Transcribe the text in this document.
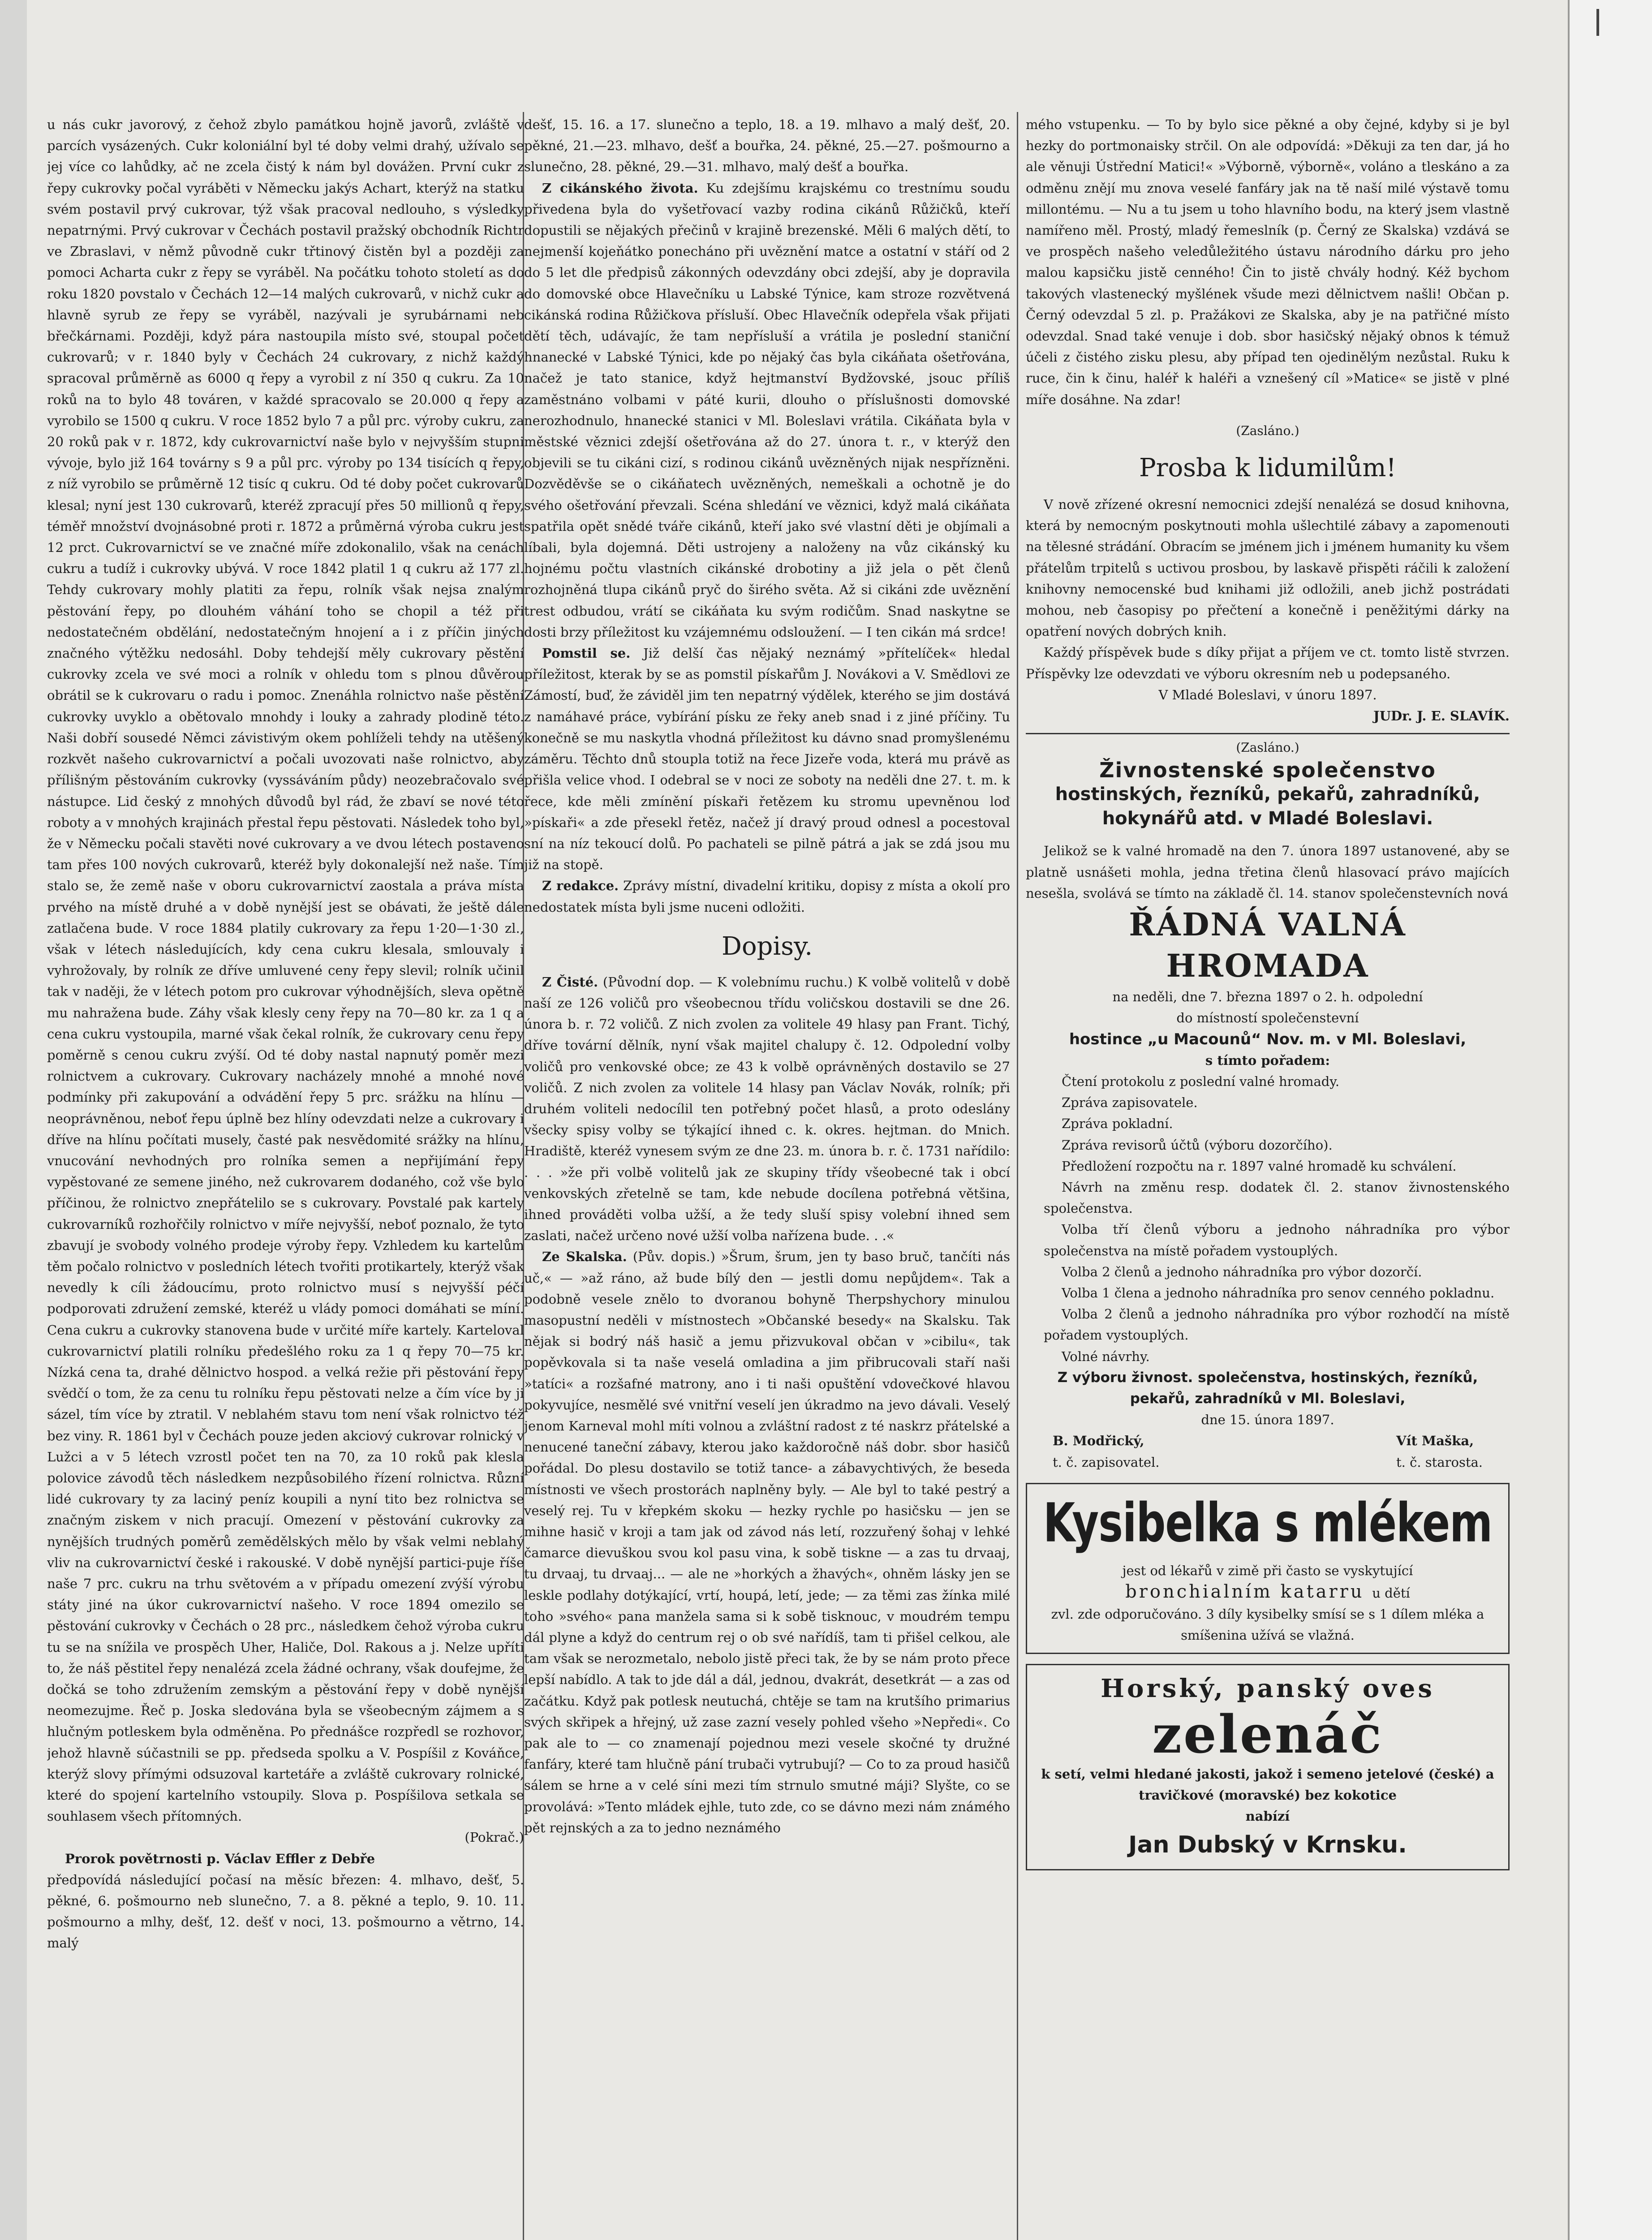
u nás cukr javorový, z čehož zbylo památkou hojně javorů, zvláště v parcích vysázených. Cukr koloniální byl té doby velmi drahý, užívalo se jej více co lahůdky, ač ne zcela čistý k nám byl dovážen. První cukr z řepy cukrovky počal vyráběti v Německu jakýs Achart, kterýž na statku svém postavil prvý cukrovar, týž však pracoval nedlouho, s výsledky nepatrnými. Prvý cukrovar v Čechách postavil pražský obchodník Richtr ve Zbraslavi, v němž původně cukr třtinový čistěn byl a později za pomoci Acharta cukr z řepy se vyráběl. Na počátku tohoto století as do roku 1820 povstalo v Čechách 12—14 malých cukrovarů, v nichž cukr a hlavně syrub ze řepy se vyráběl, nazývali je syrubárnami neb břečkárnami. Později, když pára nastoupila místo své, stoupal počet cukrovarů; v r. 1840 byly v Čechách 24 cukrovary, z nichž každý spracoval průměrně as 6000 q řepy a vyrobil z ní 350 q cukru. Za 10 roků na to bylo 48 továren, v každé spracovalo se 20.000 q řepy a vyrobilo se 1500 q cukru. V roce 1852 bylo 7 a půl prc. výroby cukru, za 20 roků pak v r. 1872, kdy cukrovarnictví naše bylo v nejvyšším stupni vývoje, bylo již 164 továrny s 9 a půl prc. výroby po 134 tisících q řepy, z níž vyrobilo se průměrně 12 tisíc q cukru. Od té doby počet cukrovarů klesal; nyní jest 130 cukrovarů, kteréž zpracují přes 50 millionů q řepy, téměř množství dvojnásobné proti r. 1872 a průměrná výroba cukru jest 12 prct. Cukrovarnictví se ve značné míře zdokonalilo, však na cenách cukru a tudíž i cukrovky ubývá. V roce 1842 platil 1 q cukru až 177 zl. Tehdy cukrovary mohly platiti za řepu, rolník však nejsa znalým pěstování řepy, po dlouhém váhání toho se chopil a též při nedostatečném obdělání, nedostatečným hnojení a i z příčin jiných značného výtěžku nedosáhl. Doby tehdejší měly cukrovary pěstění cukrovky zcela ve své moci a rolník v ohledu tom s plnou důvěrou obrátil se k cukrovaru o radu i pomoc. Znenáhla rolnictvo naše pěstění cukrovky uvyklo a obětovalo mnohdy i louky a zahrady plodině této. Naši dobří sousedé Němci závistivým okem pohlíželi tehdy na utěšený rozkvět našeho cukrovarnictví a počali uvozovati naše rolnictvo, aby přílišným pěstováním cukrovky (vyssáváním půdy) neozebračovalo své nástupce. Lid český z mnohých důvodů byl rád, že zbaví se nové této roboty a v mnohých krajinách přestal řepu pěstovati. Následek toho byl, že v Německu počali stavěti nové cukrovary a ve dvou létech postaveno tam přes 100 nových cukrovarů, kteréž byly dokonalejší než naše. Tím stalo se, že země naše v oboru cukrovarnictví zaostala a práva místa prvého na místě druhé a v době nynější jest se obávati, že ještě dále zatlačena bude. V roce 1884 platily cukrovary za řepu 1·20—1·30 zl., však v létech následujících, kdy cena cukru klesala, smlouvaly i vyhrožovaly, by rolník ze dříve umluvené ceny řepy slevil; rolník učinil tak v naději, že v létech potom pro cukrovar výhodnějších, sleva opětně mu nahražena bude. Záhy však klesly ceny řepy na 70—80 kr. za 1 q a cena cukru vystoupila, marné však čekal rolník, že cukrovary cenu řepy poměrně s cenou cukru zvýší. Od té doby nastal napnutý poměr mezi rolnictvem a cukrovary. Cukrovary nacházely mnohé a mnohé nové podmínky při zakupování a odvádění řepy 5 prc. srážku na hlínu — neoprávněnou, neboť řepu úplně bez hlíny odevzdati nelze a cukrovary i dříve na hlínu počítati musely, časté pak nesvědomité srážky na hlínu, vnucování nevhodných pro rolníka semen a nepřijímání řepy vypěstované ze semene jiného, než cukrovarem dodaného, což vše bylo příčinou, že rolnictvo znepřátelilo se s cukrovary. Povstalé pak kartely cukrovarníků rozhořčily rolnictvo v míře nejvyšší, neboť poznalo, že tyto zbavují je svobody volného prodeje výroby řepy. Vzhledem ku kartelům těm počalo rolnictvo v posledních létech tvořiti protikartely, kterýž však nevedly k cíli žádoucímu, proto rolnictvo musí s nejvyšší péčí podporovati združení zemské, kteréž u vlády pomoci domáhati se míní. Cena cukru a cukrovky stanovena bude v určité míře kartely. Karteloval cukrovarnictví platili rolníku předešlého roku za 1 q řepy 70—75 kr. Nízká cena ta, drahé dělnictvo hospod. a velká režie při pěstování řepy svědčí o tom, že za cenu tu rolníku řepu pěstovati nelze a čím více by ji sázel, tím více by ztratil. V neblahém stavu tom není však rolnictvo též bez viny. R. 1861 byl v Čechách pouze jeden akciový cukrovar rolnický v Lužci a v 5 létech vzrostl počet ten na 70, za 10 roků pak klesla polovice závodů těch následkem nezpůsobilého řízení rolnictva. Různí lidé cukrovary ty za laciný peníz koupili a nyní tito bez rolnictva se značným ziskem v nich pracují. Omezení v pěstování cukrovky za nynějších trudných poměrů zemědělských mělo by však velmi neblahý vliv na cukrovarnictví české i rakouské. V době nynější partici-puje říše naše 7 prc. cukru na trhu světovém a v případu omezení zvýší výrobu státy jiné na úkor cukrovarnictví našeho. V roce 1894 omezilo se pěstování cukrovky v Čechách o 28 prc., následkem čehož výroba cukru tu se na snížila ve prospěch Uher, Haliče, Dol. Rakous a j. Nelze upříti to, že náš pěstitel řepy nenalézá zcela žádné ochrany, však doufejme, že dočká se toho združením zemským a pěstování řepy v době nynější neomezujme. Řeč p. Joska sledována byla se všeobecným zájmem a s hlučným potleskem byla odměněna. Po přednášce rozpředl se rozhovor, jehož hlavně súčastnili se pp. předseda spolku a V. Pospíšil z Kováňce, kterýž slovy přímými odsuzoval kartetáře a zvláště cukrovary rolnické, které do spojení kartelního vstoupily. Slova p. Pospíšilova setkala se souhlasem všech přítomných.

(Pokrač.)

Prorok povětrnosti p. Václav Effler z Debře

předpovídá následující počasí na měsíc březen: 4. mlhavo, dešť, 5. pěkné, 6. pošmourno neb slunečno, 7. a 8. pěkné a teplo, 9. 10. 11. pošmourno a mlhy, dešť, 12. dešť v noci, 13. pošmourno a větrno, 14. malý

dešť, 15. 16. a 17. slunečno a teplo, 18. a 19. mlhavo a malý dešť, 20. pěkné, 21.—23. mlhavo, dešť a bouřka, 24. pěkné, 25.—27. pošmourno a slunečno, 28. pěkné, 29.—31. mlhavo, malý dešť a bouřka.

Z cikánského života. Ku zdejšímu krajskému co trestnímu soudu přivedena byla do vyšetřovací vazby rodina cikánů Růžičků, kteří dopustili se nějakých přečinů v krajině brezenské. Měli 6 malých dětí, to nejmenší kojeňátko ponecháno při uvěznění matce a ostatní v stáří od 2 do 5 let dle předpisů zákonných odevzdány obci zdejší, aby je dopravila do domovské obce Hlavečníku u Labské Týnice, kam stroze rozvětvená cikánská rodina Růžičkova přísluší. Obec Hlavečník odepřela však přijati dětí těch, udávajíc, že tam nepřísluší a vrátila je poslední staniční hnanecké v Labské Týnici, kde po nějaký čas byla cikáňata ošetřována, načež je tato stanice, když hejtmanství Bydžovské, jsouc příliš zaměstnáno volbami v páté kurii, dlouho o příslušnosti domovské nerozhodnulo, hnanecké stanici v Ml. Boleslavi vrátila. Cikáňata byla v městské věznici zdejší ošetřována až do 27. února t. r., v kterýž den objevili se tu cikáni cizí, s rodinou cikánů uvězněných nijak nespřízněni. Dozvěděvše se o cikáňatech uvězněných, nemeškali a ochotně je do svého ošetřování převzali. Scéna shledání ve věznici, když malá cikáňata spatřila opět snědé tváře cikánů, kteří jako své vlastní děti je objímali a líbali, byla dojemná. Děti ustrojeny a naloženy na vůz cikánský ku hojnému počtu vlastních cikánské drobotiny a již jela o pět členů rozhojněná tlupa cikánů pryč do širého světa. Až si cikáni zde uvěznění trest odbudou, vrátí se cikáňata ku svým rodičům. Snad naskytne se dosti brzy příležitost ku vzájemnému odsloužení. — I ten cikán má srdce!

Pomstil se. Již delší čas nějaký neznámý »přítelíček« hledal příležitost, kterak by se as pomstil pískařům J. Novákovi a V. Smědlovi ze Zámostí, buď, že záviděl jim ten nepatrný výdělek, kterého se jim dostává z namáhavé práce, vybírání písku ze řeky aneb snad i z jiné příčiny. Tu konečně se mu naskytla vhodná příležitost ku dávno snad promyšlenému záměru. Těchto dnů stoupla totiž na řece Jizeře voda, která mu právě as přišla velice vhod. I odebral se v noci ze soboty na neděli dne 27. t. m. k řece, kde měli zmínění pískaři řetězem ku stromu upevněnou loď »pískaři« a zde přesekl řetěz, načež jí dravý proud odnesl a pocestoval sní na níz tekoucí dolů. Po pachateli se pilně pátrá a jak se zdá jsou mu již na stopě.

Z redakce. Zprávy místní, divadelní kritiku, dopisy z místa a okolí pro nedostatek místa byli jsme nuceni odložiti.

Dopisy.

Z Čisté. (Původní dop. — K volebnímu ruchu.) K volbě volitelů v době naší ze 126 voličů pro všeobecnou třídu voličskou dostavili se dne 26. února b. r. 72 voličů. Z nich zvolen za volitele 49 hlasy pan Frant. Tichý, dříve tovární dělník, nyní však majitel chalupy č. 12. Odpolední volby voličů pro venkovské obce; ze 43 k volbě oprávněných dostavilo se 27 voličů. Z nich zvolen za volitele 14 hlasy pan Václav Novák, rolník; při druhém voliteli nedocílil ten potřebný počet hlasů, a proto odeslány všecky spisy volby se týkající ihned c. k. okres. hejtman. do Mnich. Hradiště, kteréž vynesem svým ze dne 23. m. února b. r. č. 1731 nařídilo: . . . »že při volbě volitelů jak ze skupiny třídy všeobecné tak i obcí venkovských zřetelně se tam, kde nebude docílena potřebná většina, ihned prováděti volba užší, a že tedy sluší spisy volební ihned sem zaslati, načež určeno nové užší volba nařízena bude. . .«

Ze Skalska. (Pův. dopis.) »Šrum, šrum, jen ty baso bruč, tančíti nás uč,« — »až ráno, až bude bílý den — jestli domu nepůjdem«. Tak a podobně vesele znělo to dvoranou bohyně Therpshychory minulou masopustní neděli v místnostech »Občanské besedy« na Skalsku. Tak nějak si bodrý náš hasič a jemu přizvukoval občan v »cibilu«, tak popěvkovala si ta naše veselá omladina a jim přibrucovali staří naši »tatíci« a rozšafné matrony, ano i ti naši opuštění vdovečkové hlavou pokyvujíce, nesmělé své vnitřní veselí jen úkradmo na jevo dávali. Veselý jenom Karneval mohl míti volnou a zvláštní radost z té naskrz přátelské a nenucené taneční zábavy, kterou jako každoročně náš dobr. sbor hasičů pořádal. Do plesu dostavilo se totiž tance- a zábavychtivých, že beseda místnosti ve všech prostorách naplněny byly. — Ale byl to také pestrý a veselý rej. Tu v křepkém skoku — hezky rychle po hasičsku — jen se mihne hasič v kroji a tam jak od závod nás letí, rozzuřený šohaj v lehké čamarce dievuškou svou kol pasu vina, k sobě tiskne — a zas tu drvaaj, tu drvaaj, tu drvaaj... — ale ne »horkých a žhavých«, ohněm lásky jen se leskle podlahy dotýkající, vrtí, houpá, letí, jede; — za těmi zas žínka milé toho »svého« pana manžela sama si k sobě tisknouc, v moudrém tempu dál plyne a když do centrum rej o ob své nařídíš, tam ti přišel celkou, ale tam však se nerozmetalo, nebolo jistě přeci tak, že by se nám proto přece lepší nabídlo. A tak to jde dál a dál, jednou, dvakrát, desetkrát — a zas od začátku. Když pak potlesk neutuchá, chtěje se tam na krutšího primarius svých skřipek a hřejný, už zase zazní vesely pohled všeho »Nepředi«. Co pak ale to — co znamenají pojednou mezi vesele skočné ty družné fanfáry, které tam hlučně pání trubači vytrubují? — Co to za proud hasičů sálem se hrne a v celé síni mezi tím strnulo smutné máji? Slyšte, co se provolává: »Tento mládek ejhle, tuto zde, co se dávno mezi nám známého pět rejnských a za to jedno neznámého

mého vstupenku. — To by bylo sice pěkné a oby čejné, kdyby si je byl hezky do portmonaisky strčil. On ale odpovídá: »Děkuji za ten dar, já ho ale věnuji Ústřední Matici!« »Výborně, výborně«, voláno a tleskáno a za odměnu znějí mu znova veselé fanfáry jak na tě naší milé výstavě tomu millontému. — Nu a tu jsem u toho hlavního bodu, na který jsem vlastně namířeno měl. Prostý, mladý řemeslník (p. Černý ze Skalska) vzdává se ve prospěch našeho veledůležitého ústavu národního dárku pro jeho malou kapsičku jistě cenného! Čin to jistě chvály hodný. Kéž bychom takových vlastenecký myšlének všude mezi dělnictvem našli! Občan p. Černý odevzdal 5 zl. p. Pražákovi ze Skalska, aby je na patřičné místo odevzdal. Snad také venuje i dob. sbor hasičský nějaký obnos k témuž účeli z čistého zisku plesu, aby případ ten ojedinělým nezůstal. Ruku k ruce, čin k činu, haléř k haléři a vznešený cíl »Matice« se jistě v plné míře dosáhne. Na zdar!

(Zasláno.)
Prosba k lidumilům!

V nově zřízené okresní nemocnici zdejší nenalézá se dosud knihovna, která by nemocným poskytnouti mohla ušlechtilé zábavy a zapomenouti na tělesné strádání. Obracím se jménem jich i jménem humanity ku všem přátelům trpitelů s uctivou prosbou, by laskavě přispěti ráčili k založení knihovny nemocenské bud knihami již odložili, aneb jichž postrádati mohou, neb časopisy po přečtení a konečně i peněžitými dárky na opatření nových dobrých knih.

Každý příspěvek bude s díky přijat a příjem ve ct. tomto listě stvrzen. Příspěvky lze odevzdati ve výboru okresním neb u podepsaného.

V Mladé Boleslavi, v únoru 1897.

JUDr. J. E. SLAVÍK.

(Zasláno.)
Živnostenské společenstvo
hostinských, řezníků, pekařů, zahradníků, hokynářů atd. v Mladé Boleslavi.

Jelikož se k valné hromadě na den 7. února 1897 ustanovené, aby se platně usnášeti mohla, jedna třetina členů hlasovací právo majících nesešla, svolává se tímto na základě čl. 14. stanov společenstevních nová

ŘÁDNÁ VALNÁ HROMADA
na neděli, dne 7. března 1897 o 2. h. odpolední
do místností společenstevní
hostince „u Macounů“ Nov. m. v Ml. Boleslavi,
s tímto pořadem:

Čtení protokolu z poslední valné hromady.

Zpráva zapisovatele.

Zpráva pokladní.

Zpráva revisorů účtů (výboru dozorčího).

Předložení rozpočtu na r. 1897 valné hromadě ku schválení.

Návrh na změnu resp. dodatek čl. 2. stanov živnostenského společenstva.

Volba tří členů výboru a jednoho náhradníka pro výbor společenstva na místě pořadem vystouplých.

Volba 2 členů a jednoho náhradníka pro výbor dozorčí.

Volba 1 člena a jednoho náhradníka pro senov cenného pokladnu.

Volba 2 členů a jednoho náhradníka pro výbor rozhodčí na místě pořadem vystouplých.

Volné návrhy.

Z výboru živnost. společenstva, hostinských, řezníků, pekařů, zahradníků v Ml. Boleslavi,
dne 15. února 1897.
B. Modřický,
t. č. zapisovatel.
Vít Maška,
t. č. starosta.
Kysibelka s mlékem
jest od lékařů v zimě při často se vyskytující
bronchialním katarru u dětí
zvl. zde odporučováno. 3 díly kysibelky smísí se s 1 dílem mléka a smíšenina užívá se vlažná.
Horský, panský oves
zelenáč
k setí, velmi hledané jakosti, jakož i semeno jetelové (české) a travičkové (moravské) bez kokotice
nabízí
Jan Dubský v Krnsku.
